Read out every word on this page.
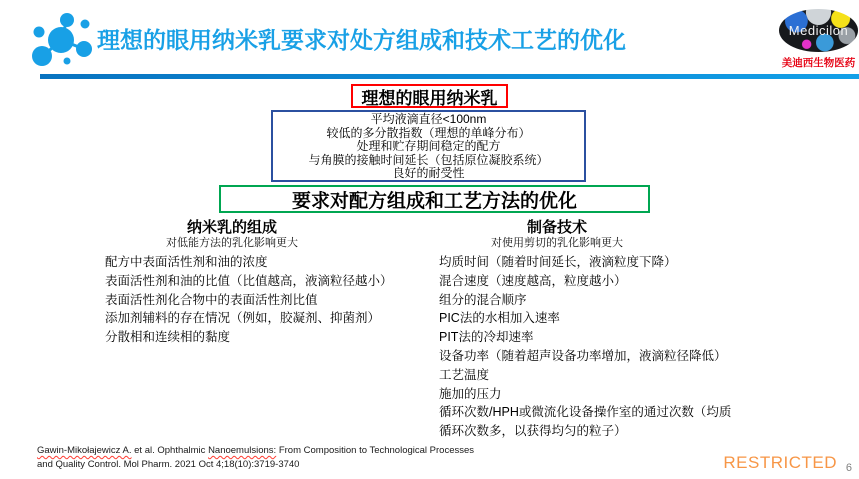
理想的眼用纳米乳要求对处方组成和技术工艺的优化	Medicilon
美迪西生物医药
理想的眼用纳米乳
平均液滴直径<100nm
较低的多分散指数（理想的单峰分布）
处理和贮存期间稳定的配方
与角膜的接触时间延长（包括原位凝胶系统）
良好的耐受性
要求对配方组成和工艺方法的优化
纳米乳的组成
对低能方法的乳化影响更大
制备技术
对使用剪切的乳化影响更大
配方中表面活性剂和油的浓度
表面活性剂和油的比值（比值越高，液滴粒径越小）
表面活性剂化合物中的表面活性剂比值
添加剂辅料的存在情况（例如，胶凝剂、抑菌剂）
分散相和连续相的黏度
均质时间（随着时间延长，液滴粒度下降）
混合速度（速度越高，粒度越小）
组分的混合顺序
PIC法的水相加入速率
PIT法的冷却速率
设备功率（随着超声设备功率增加，液滴粒径降低）
工艺温度
施加的压力
循环次数/HPH或微流化设备操作室的通过次数（均质循环次数多，以获得均匀的粒子）
Gawin-Mikołajewicz A. et al. Ophthalmic Nanoemulsions: From Composition to Technological Processes
and Quality Control. Mol Pharm. 2021 Oct 4;18(10):3719-3740	RESTRICTED 6
